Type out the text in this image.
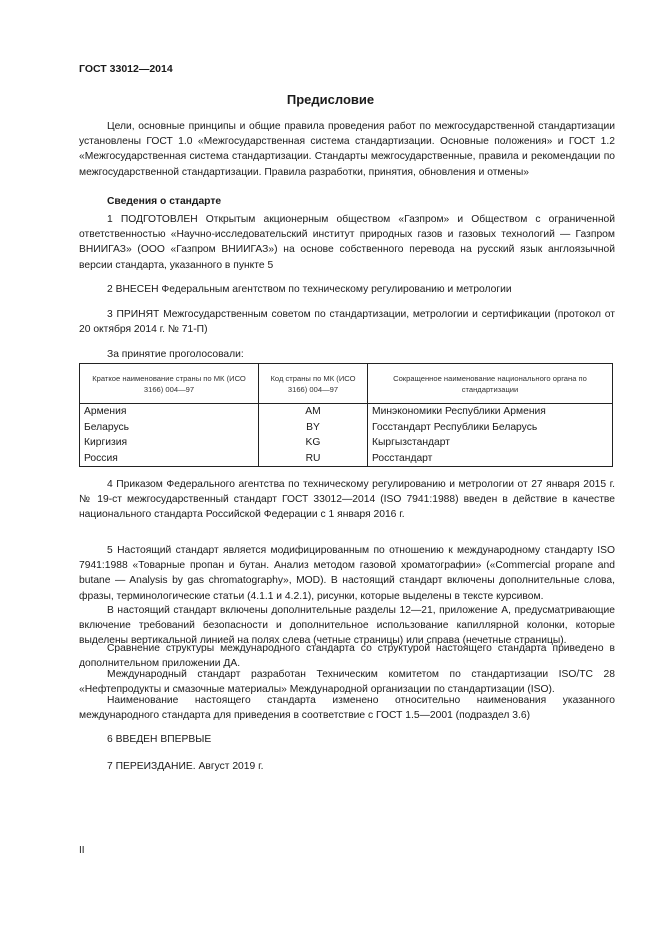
ГОСТ 33012—2014
Предисловие
Цели, основные принципы и общие правила проведения работ по межгосударственной стандартизации установлены ГОСТ 1.0 «Межгосударственная система стандартизации. Основные положения» и ГОСТ 1.2 «Межгосударственная система стандартизации. Стандарты межгосударственные, правила и рекомендации по межгосударственной стандартизации. Правила разработки, принятия, обновления и отмены»
Сведения о стандарте
1 ПОДГОТОВЛЕН Открытым акционерным обществом «Газпром» и Обществом с ограниченной ответственностью «Научно-исследовательский институт природных газов и газовых технологий — Газпром ВНИИГАЗ» (ООО «Газпром ВНИИГАЗ») на основе собственного перевода на русский язык англоязычной версии стандарта, указанного в пункте 5
2 ВНЕСЕН Федеральным агентством по техническому регулированию и метрологии
3 ПРИНЯТ Межгосударственным советом по стандартизации, метрологии и сертификации (протокол от 20 октября 2014 г. № 71-П)
За принятие проголосовали:
Краткое наименование страны по МК (ИСО 3166) 004—97	Код страны по МК (ИСО 3166) 004—97	Сокращенное наименование национального органа по стандартизации
Армения	AM	Минэкономики Республики Армения
Беларусь	BY	Госстандарт Республики Беларусь
Киргизия	KG	Кыргызстандарт
Россия	RU	Росстандарт
4 Приказом Федерального агентства по техническому регулированию и метрологии от 27 января 2015 г. № 19-ст межгосударственный стандарт ГОСТ 33012—2014 (ISO 7941:1988) введен в действие в качестве национального стандарта Российской Федерации с 1 января 2016 г.
5 Настоящий стандарт является модифицированным по отношению к международному стандарту ISO 7941:1988 «Товарные пропан и бутан. Анализ методом газовой хроматографии» («Commercial propane and butane — Analysis by gas chromatography», MOD). В настоящий стандарт включены дополнительные слова, фразы, терминологические статьи (4.1.1 и 4.2.1), рисунки, которые выделены в тексте курсивом.
В настоящий стандарт включены дополнительные разделы 12—21, приложение А, предусматривающие включение требований безопасности и дополнительное использование капиллярной колонки, которые выделены вертикальной линией на полях слева (четные страницы) или справа (нечетные страницы).
Сравнение структуры международного стандарта со структурой настоящего стандарта приведено в дополнительном приложении ДА.
Международный стандарт разработан Техническим комитетом по стандартизации ISO/TC 28 «Нефтепродукты и смазочные материалы» Международной организации по стандартизации (ISO).
Наименование настоящего стандарта изменено относительно наименования указанного международного стандарта для приведения в соответствие с ГОСТ 1.5—2001 (подраздел 3.6)
6 ВВЕДЕН ВПЕРВЫЕ
7 ПЕРЕИЗДАНИЕ. Август 2019 г.
II
